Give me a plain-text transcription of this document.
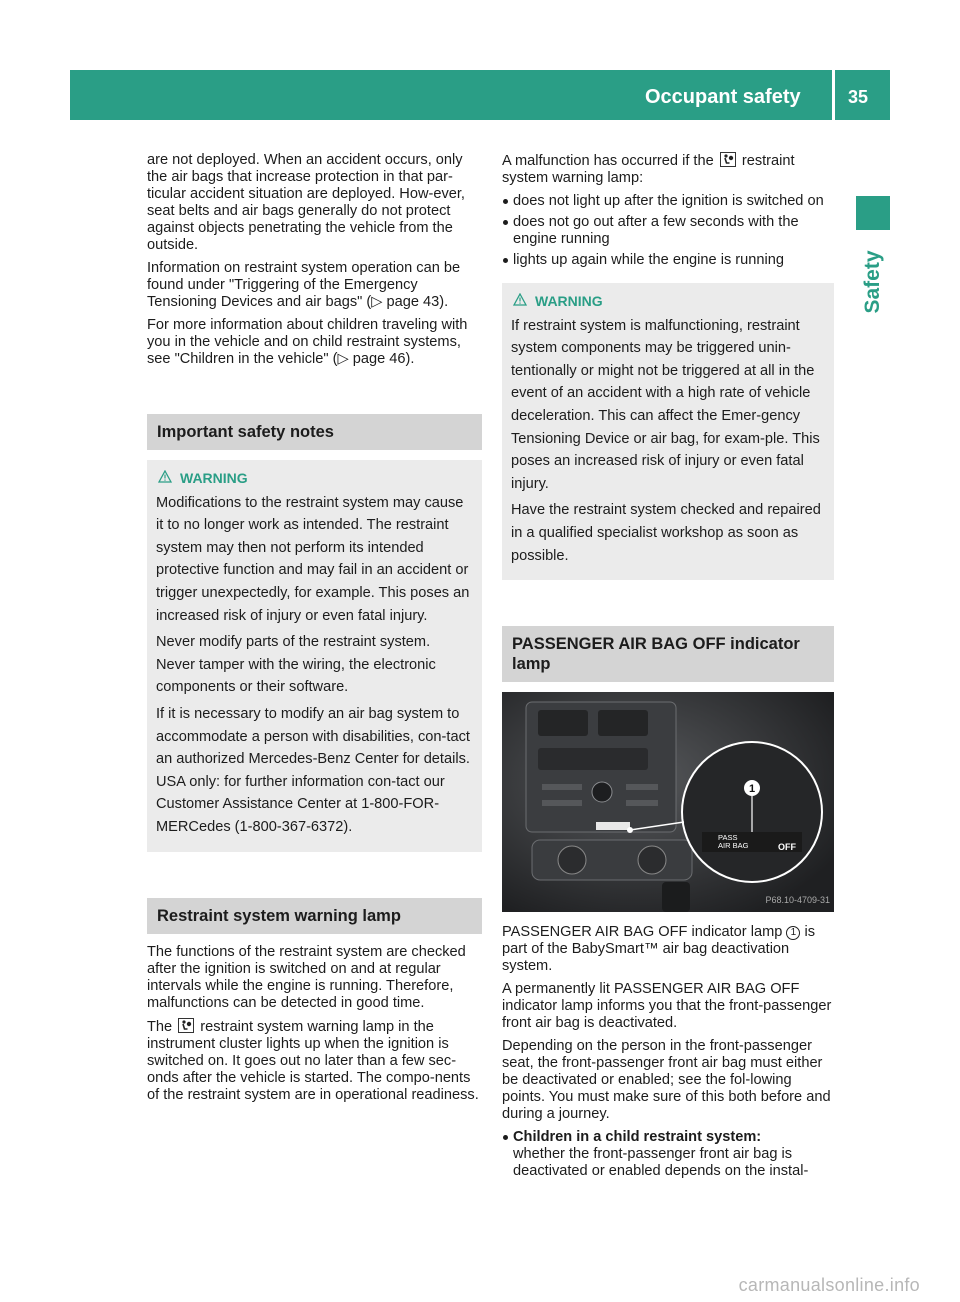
Occupant safety	35
Safety

are not deployed. When an accident occurs, only the air bags that increase protection in that par-ticular accident situation are deployed. How-ever, seat belts and air bags generally do not protect against objects penetrating the vehicle from the outside.

Information on restraint system operation can be found under "Triggering of the Emergency Tensioning Devices and air bags" (▷ page 43).

For more information about children traveling with you in the vehicle and on child restraint systems, see "Children in the vehicle" (▷ page 46).

Important safety notes
WARNING

Modifications to the restraint system may cause it to no longer work as intended. The restraint system may then not perform its intended protective function and may fail in an accident or trigger unexpectedly, for example. This poses an increased risk of injury or even fatal injury.

Never modify parts of the restraint system. Never tamper with the wiring, the electronic components or their software.

If it is necessary to modify an air bag system to accommodate a person with disabilities, con-tact an authorized Mercedes-Benz Center for details. USA only: for further information con-tact our Customer Assistance Center at 1-800-FOR-MERCedes (1-800-367-6372).

Restraint system warning lamp

The functions of the restraint system are checked after the ignition is switched on and at regular intervals while the engine is running. Therefore, malfunctions can be detected in good time.

The restraint system warning lamp in the instrument cluster lights up when the ignition is switched on. It goes out no later than a few sec-onds after the vehicle is started. The compo-nents of the restraint system are in operational readiness.

A malfunction has occurred if the restraint system warning lamp:

does not light up after the ignition is switched on
does not go out after a few seconds with the engine running
lights up again while the engine is running
WARNING

If restraint system is malfunctioning, restraint system components may be triggered unin-tentionally or might not be triggered at all in the event of an accident with a high rate of vehicle deceleration. This can affect the Emer-gency Tensioning Device or air bag, for exam-ple. This poses an increased risk of injury or even fatal injury.

Have the restraint system checked and repaired in a qualified specialist workshop as soon as possible.

PASSENGER AIR BAG OFF indicator lamp
1
PASS
AIR BAG	OFF
P68.10-4709-31

PASSENGER AIR BAG OFF indicator lamp 1 is part of the BabySmart™ air bag deactivation system.

A permanently lit PASSENGER AIR BAG OFF indicator lamp informs you that the front-passenger front air bag is deactivated.

Depending on the person in the front-passenger seat, the front-passenger front air bag must either be deactivated or enabled; see the fol-lowing points. You must make sure of this both before and during a journey.

Children in a child restraint system:
whether the front-passenger front air bag is deactivated or enabled depends on the instal-
carmanualsonline.info
